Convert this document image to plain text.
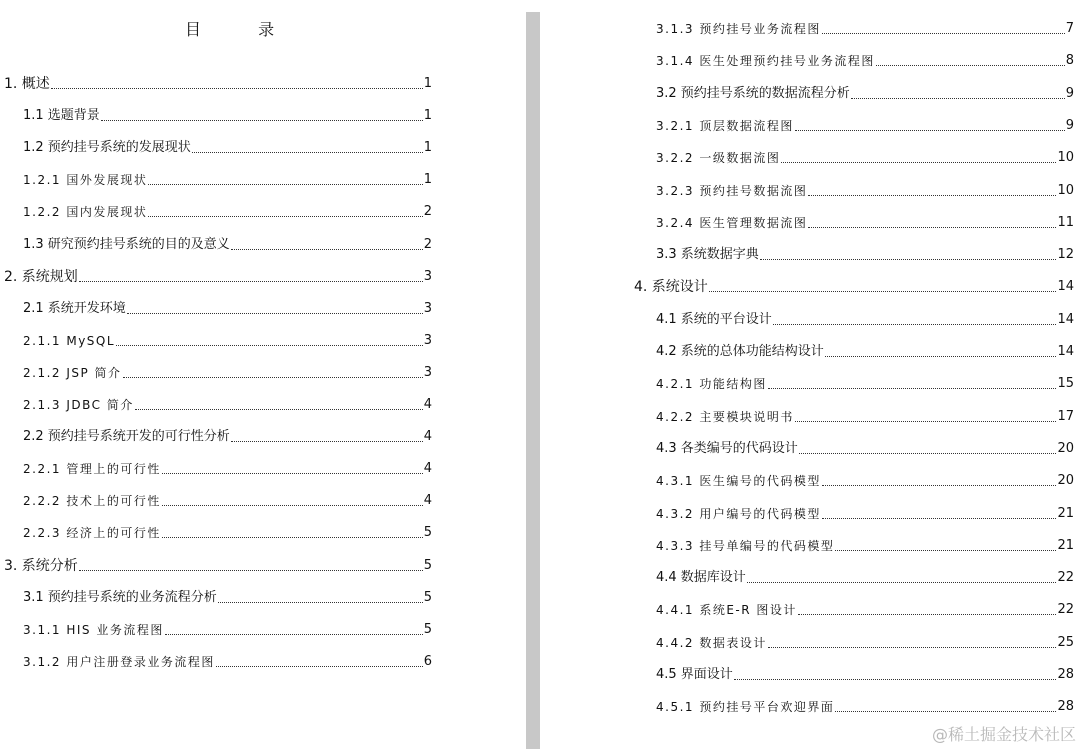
目 录
1. 概述	1
1.1 选题背景	1
1.2 预约挂号系统的发展现状	1
1.2.1 国外发展现状	1
1.2.2 国内发展现状	2
1.3 研究预约挂号系统的目的及意义	2
2. 系统规划	3
2.1 系统开发环境	3
2.1.1 MySQL	3
2.1.2 JSP 简介	3
2.1.3 JDBC 简介	4
2.2 预约挂号系统开发的可行性分析	4
2.2.1 管理上的可行性	4
2.2.2 技术上的可行性	4
2.2.3 经济上的可行性	5
3. 系统分析	5
3.1 预约挂号系统的业务流程分析	5
3.1.1 HIS 业务流程图	5
3.1.2 用户注册登录业务流程图	6
3.1.3 预约挂号业务流程图	7
3.1.4 医生处理预约挂号业务流程图	8
3.2 预约挂号系统的数据流程分析	9
3.2.1 顶层数据流程图	9
3.2.2 一级数据流图	10
3.2.3 预约挂号数据流图	10
3.2.4 医生管理数据流图	11
3.3 系统数据字典	12
4. 系统设计	14
4.1 系统的平台设计	14
4.2 系统的总体功能结构设计	14
4.2.1 功能结构图	15
4.2.2 主要模块说明书	17
4.3 各类编号的代码设计	20
4.3.1 医生编号的代码模型	20
4.3.2 用户编号的代码模型	21
4.3.3 挂号单编号的代码模型	21
4.4 数据库设计	22
4.4.1 系统E-R 图设计	22
4.4.2 数据表设计	25
4.5 界面设计	28
4.5.1 预约挂号平台欢迎界面	28
@稀土掘金技术社区
